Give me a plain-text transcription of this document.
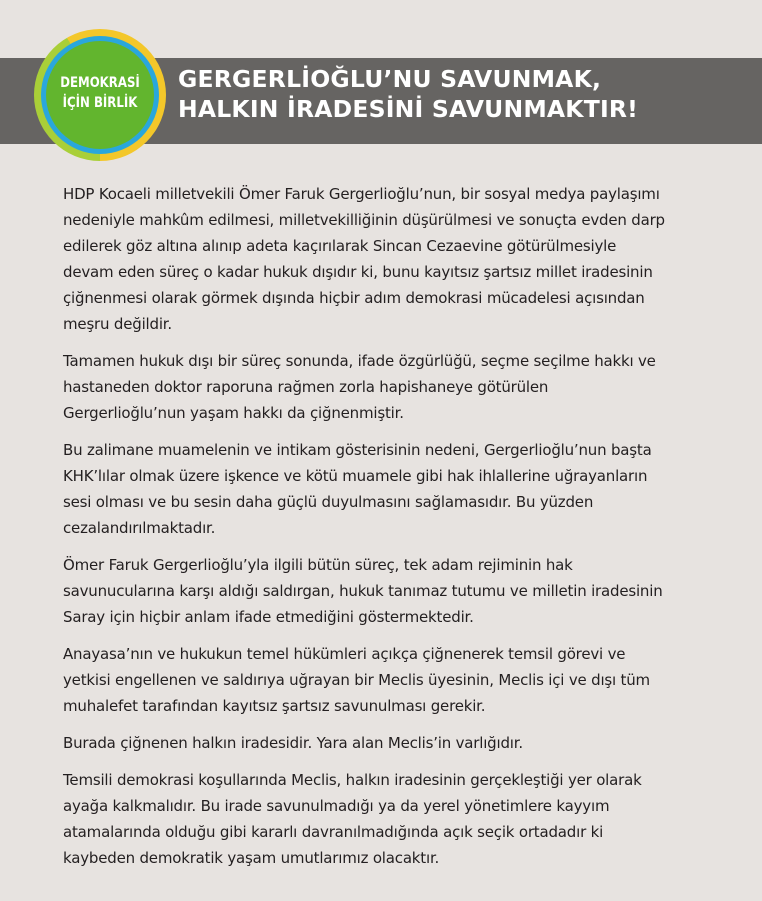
GERGERLİOĞLU’NU SAVUNMAK,
HALKIN İRADESİNİ SAVUNMAKTIR!
DEMOKRASİ
İÇİN BİRLİK

HDP Kocaeli milletvekili Ömer Faruk Gergerlioğlu’nun, bir sosyal medya paylaşımı
nedeniyle mahkûm edilmesi, milletvekilliğinin düşürülmesi ve sonuçta evden darp
edilerek göz altına alınıp adeta kaçırılarak Sincan Cezaevine götürülmesiyle
devam eden süreç o kadar hukuk dışıdır ki, bunu kayıtsız şartsız millet iradesinin
çiğnenmesi olarak görmek dışında hiçbir adım demokrasi mücadelesi açısından
meşru değildir.

Tamamen hukuk dışı bir süreç sonunda, ifade özgürlüğü, seçme seçilme hakkı ve
hastaneden doktor raporuna rağmen zorla hapishaneye götürülen
Gergerlioğlu’nun yaşam hakkı da çiğnenmiştir.

Bu zalimane muamelenin ve intikam gösterisinin nedeni, Gergerlioğlu’nun başta
KHK’lılar olmak üzere işkence ve kötü muamele gibi hak ihlallerine uğrayanların
sesi olması ve bu sesin daha güçlü duyulmasını sağlamasıdır. Bu yüzden
cezalandırılmaktadır.

Ömer Faruk Gergerlioğlu’yla ilgili bütün süreç, tek adam rejiminin hak
savunucularına karşı aldığı saldırgan, hukuk tanımaz tutumu ve milletin iradesinin
Saray için hiçbir anlam ifade etmediğini göstermektedir.

Anayasa’nın ve hukukun temel hükümleri açıkça çiğnenerek temsil görevi ve
yetkisi engellenen ve saldırıya uğrayan bir Meclis üyesinin, Meclis içi ve dışı tüm
muhalefet tarafından kayıtsız şartsız savunulması gerekir.

Burada çiğnenen halkın iradesidir. Yara alan Meclis’in varlığıdır.

Temsili demokrasi koşullarında Meclis, halkın iradesinin gerçekleştiği yer olarak
ayağa kalkmalıdır. Bu irade savunulmadığı ya da yerel yönetimlere kayyım
atamalarında olduğu gibi kararlı davranılmadığında açık seçik ortadadır ki
kaybeden demokratik yaşam umutlarımız olacaktır.
